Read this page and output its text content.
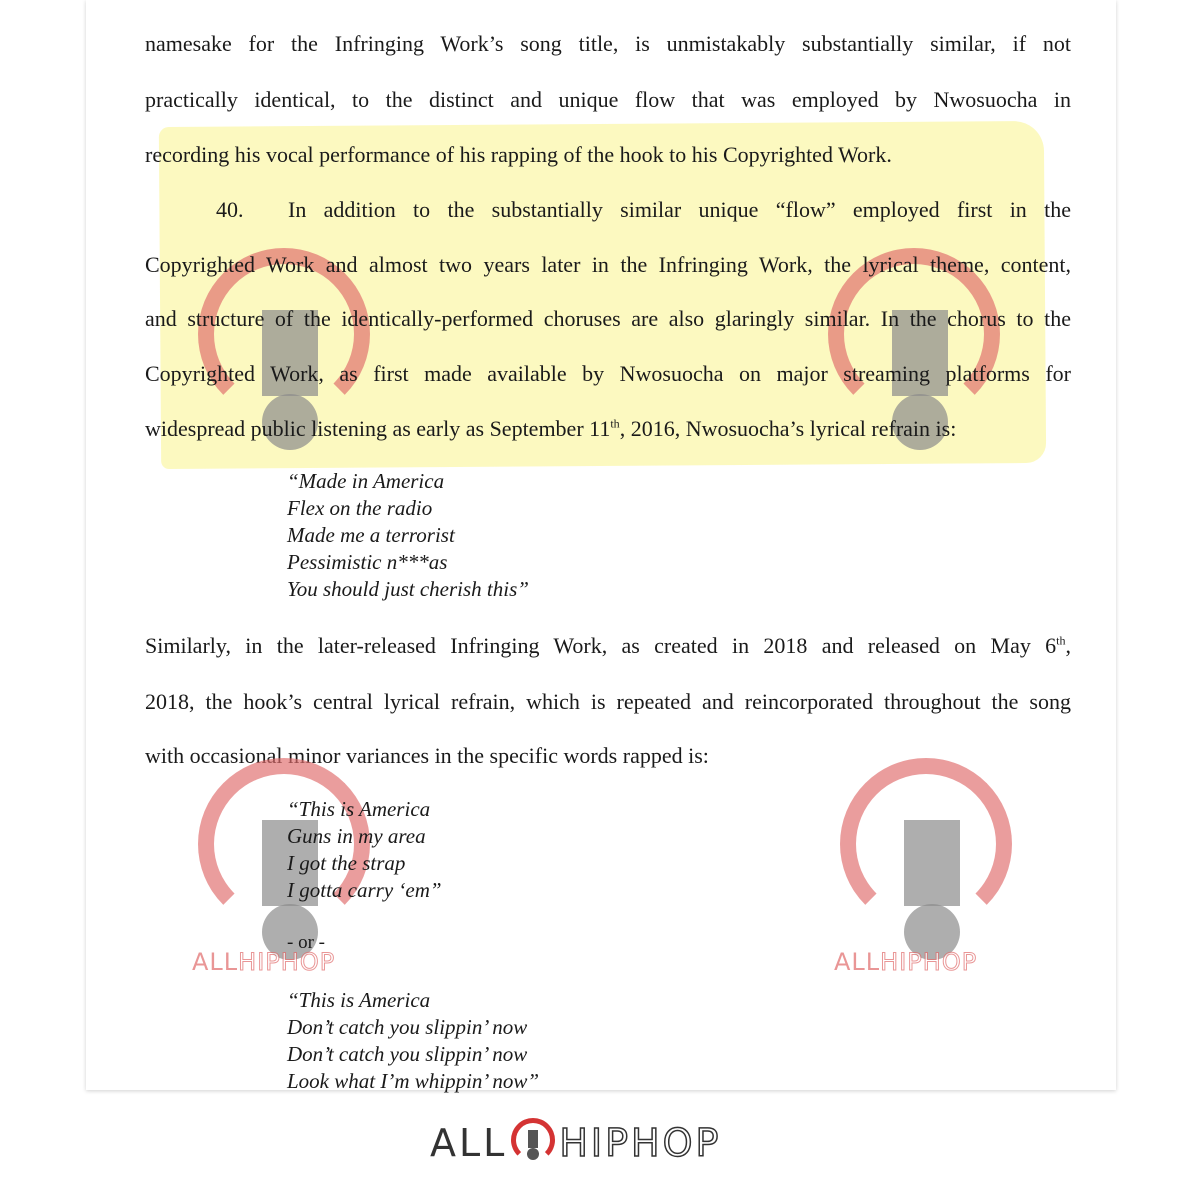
namesake for the Infringing Work’s song title, is unmistakably substantially similar, if not
practically identical, to the distinct and unique flow that was employed by Nwosuocha in
recording his vocal performance of his rapping of the hook to his Copyrighted Work.
40. In addition to the substantially similar unique “flow” employed first in the
Copyrighted Work and almost two years later in the Infringing Work, the lyrical theme, content,
and structure of the identically-performed choruses are also glaringly similar. In the chorus to the
Copyrighted Work, as first made available by Nwosuocha on major streaming platforms for
widespread public listening as early as September 11th, 2016, Nwosuocha’s lyrical refrain is:
“Made in America
Flex on the radio
Made me a terrorist
Pessimistic n***as
You should just cherish this”
Similarly, in the later-released Infringing Work, as created in 2018 and released on May 6th,
2018, the hook’s central lyrical refrain, which is repeated and reincorporated throughout the song
with occasional minor variances in the specific words rapped is:
ALLHIPHOP	ALLHIPHOP
“This is America
Guns in my area
I got the strap
I gotta carry ‘em”
- or -
“This is America
Don’t catch you slippin’ now
Don’t catch you slippin’ now
Look what I’m whippin’ now”
ALL HIPHOP
